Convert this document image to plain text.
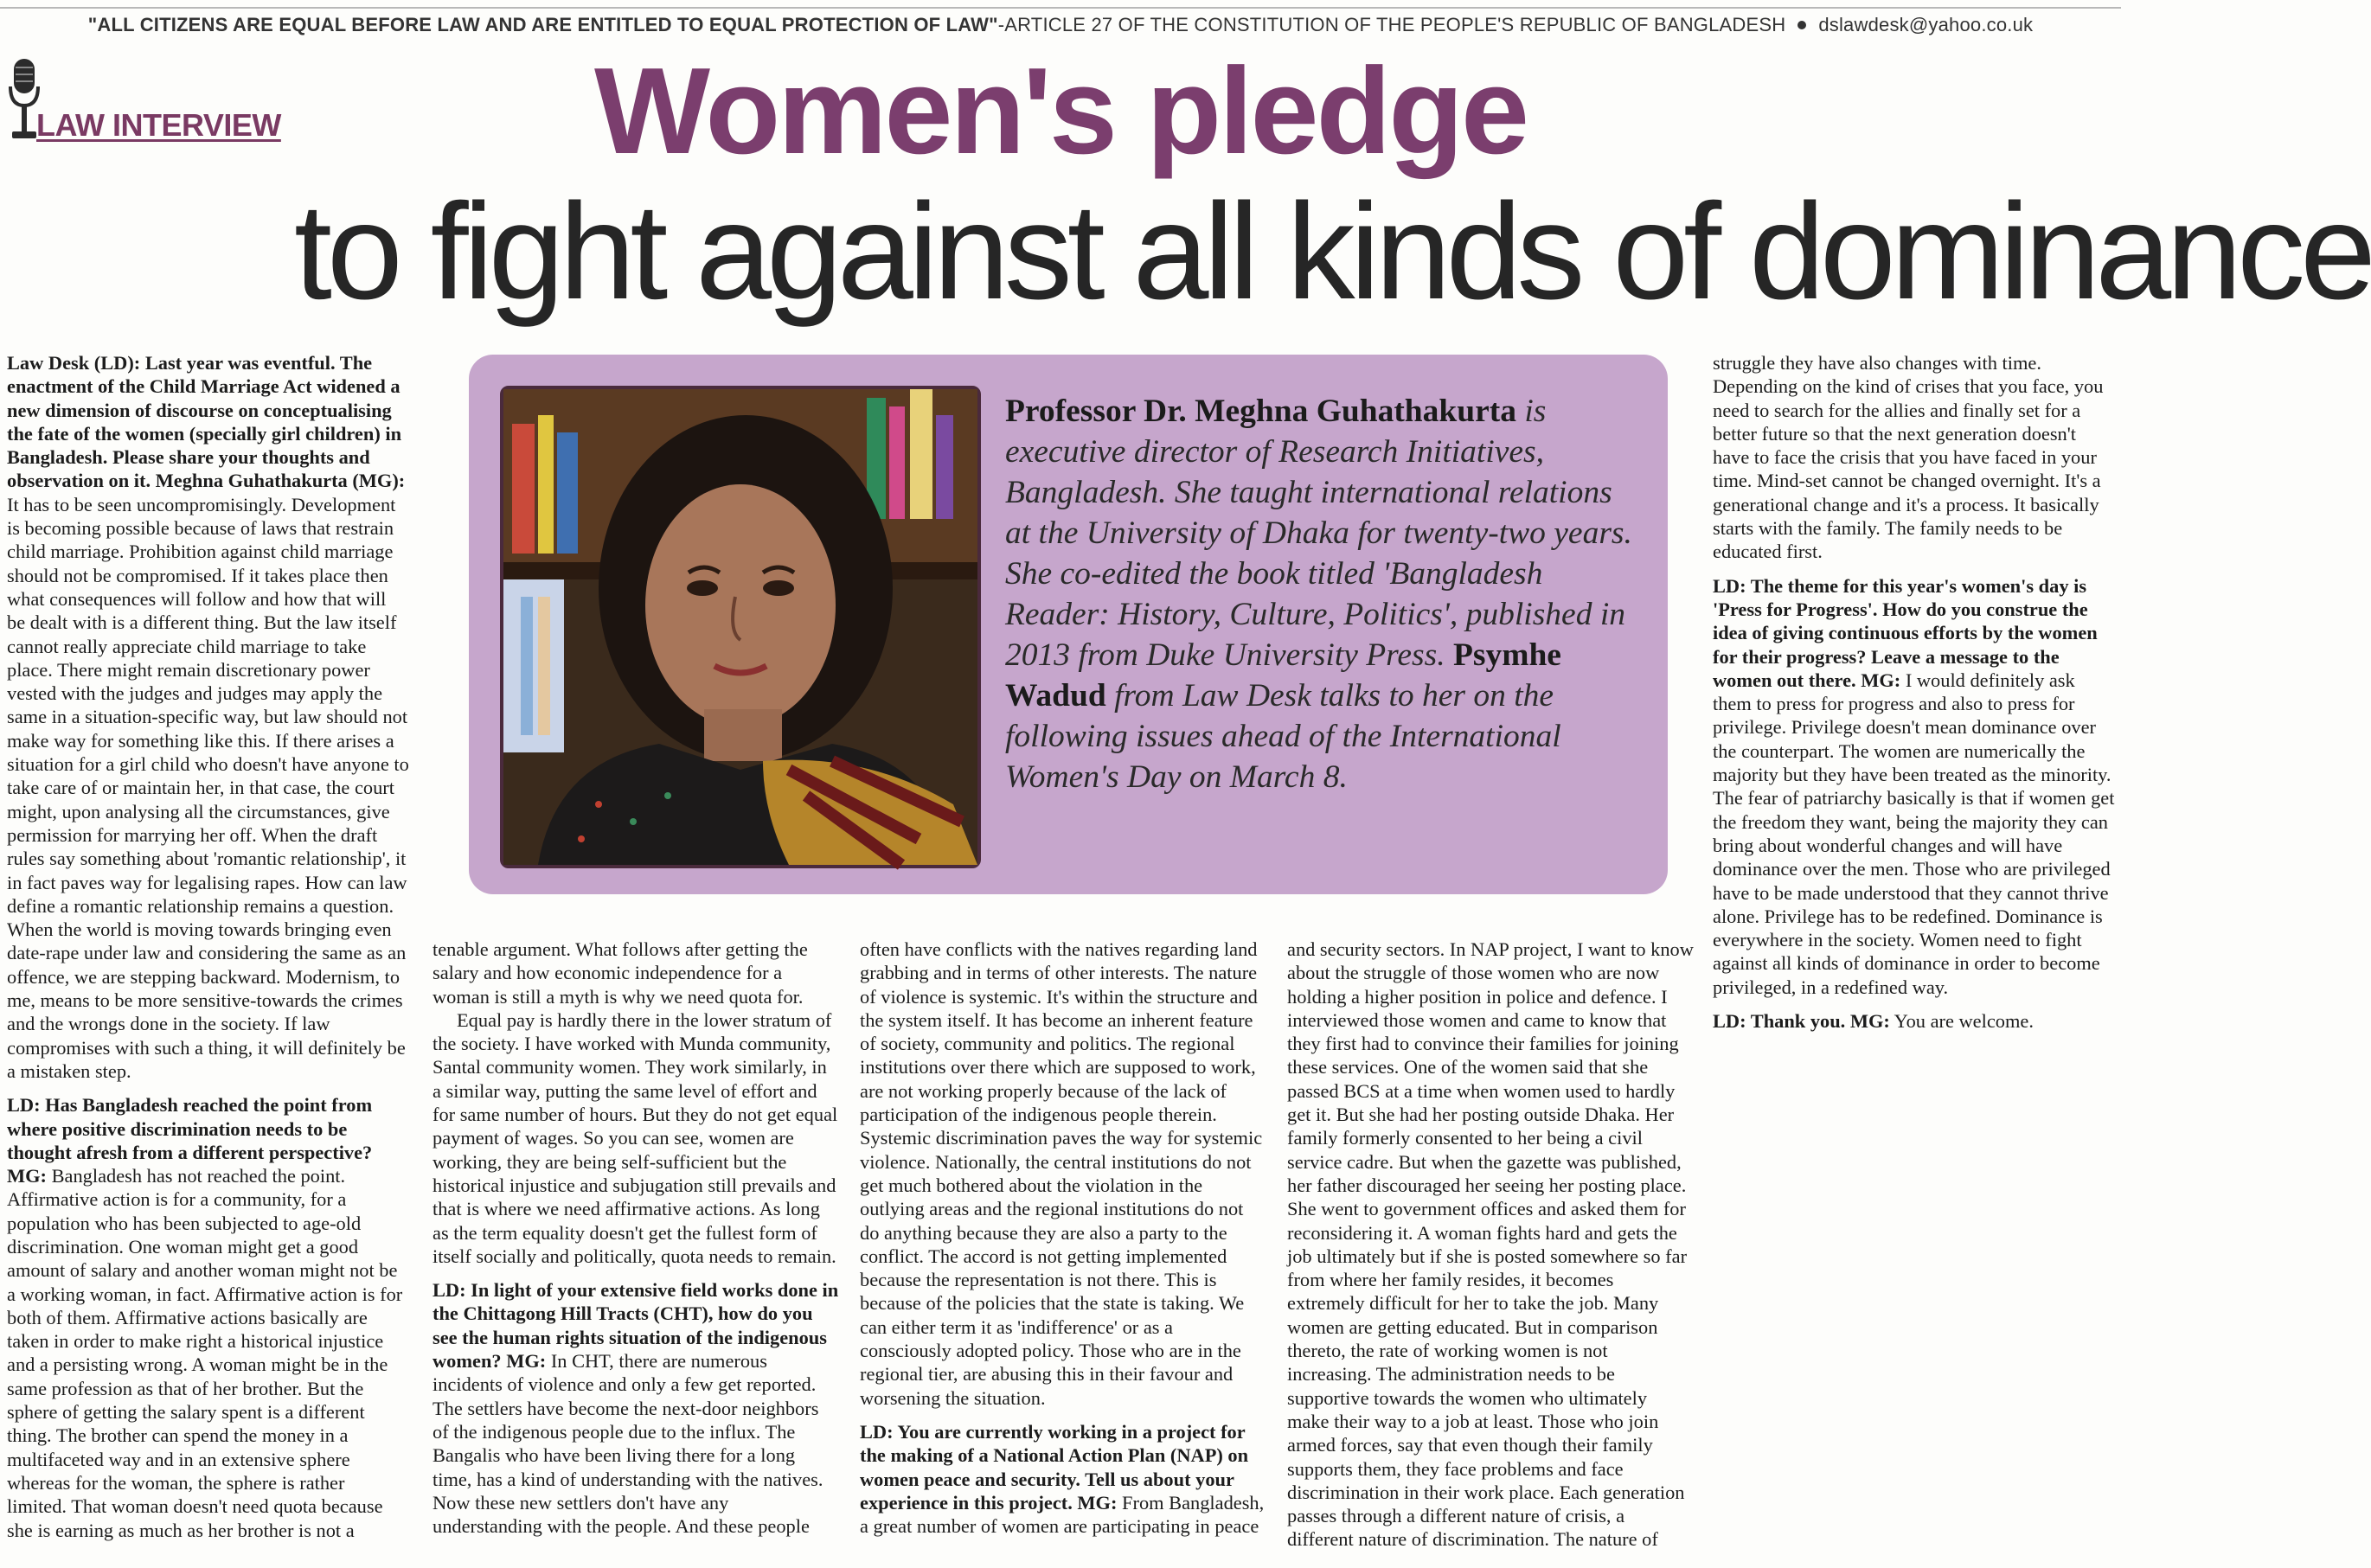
"ALL CITIZENS ARE EQUAL BEFORE LAW AND ARE ENTITLED TO EQUAL PROTECTION OF LAW"-ARTICLE 27 OF THE CONSTITUTION OF THE PEOPLE'S REPUBLIC OF BANGLADESH dslawdesk@yahoo.co.uk
LAW INTERVIEW	Women's pledge
to fight against all kinds of dominance

Law Desk (LD): Last year was eventful. The enactment of the Child Marriage Act widened a new dimension of discourse on conceptualising the fate of the women (specially girl children) in Bangladesh. Please share your thoughts and observation on it. Meghna Guhathakurta (MG): It has to be seen uncompromisingly. Development is becoming possible because of laws that restrain child marriage. Prohibition against child marriage should not be compromised. If it takes place then what consequences will follow and how that will be dealt with is a different thing. But the law itself cannot really appreciate child marriage to take place. There might remain discretionary power vested with the judges and judges may apply the same in a situation-specific way, but law should not make way for something like this. If there arises a situation for a girl child who doesn't have anyone to take care of or maintain her, in that case, the court might, upon analysing all the circumstances, give permission for marrying her off. When the draft rules say something about 'romantic relationship', it in fact paves way for legalising rapes. How can law define a romantic relationship remains a question. When the world is moving towards bringing even date-rape under law and considering the same as an offence, we are stepping backward. Modernism, to me, means to be more sensitive-towards the crimes and the wrongs done in the society. If law compromises with such a thing, it will definitely be a mistaken step.

LD: Has Bangladesh reached the point from where positive discrimination needs to be thought afresh from a different perspective? MG: Bangladesh has not reached the point. Affirmative action is for a community, for a population who has been subjected to age-old discrimination. One woman might get a good amount of salary and another woman might not be a working woman, in fact. Affirmative action is for both of them. Affirmative actions basically are taken in order to make right a historical injustice and a persisting wrong. A woman might be in the same profession as that of her brother. But the sphere of getting the salary spent is a different thing. The brother can spend the money in a multifaceted way and in an extensive sphere whereas for the woman, the sphere is rather limited. That woman doesn't need quota because she is earning as much as her brother is not a

tenable argument. What follows after getting the salary and how economic independence for a woman is still a myth is why we need quota for.

Equal pay is hardly there in the lower stratum of the society. I have worked with Munda community, Santal community women. They work similarly, in a similar way, putting the same level of effort and for same number of hours. But they do not get equal payment of wages. So you can see, women are working, they are being self-sufficient but the historical injustice and subjugation still prevails and that is where we need affirmative actions. As long as the term equality doesn't get the fullest form of itself socially and politically, quota needs to remain.

LD: In light of your extensive field works done in the Chittagong Hill Tracts (CHT), how do you see the human rights situation of the indigenous women? MG: In CHT, there are numerous incidents of violence and only a few get reported. The settlers have become the next-door neighbors of the indigenous people due to the influx. The Bangalis who have been living there for a long time, has a kind of understanding with the natives. Now these new settlers don't have any understanding with the people. And these people

often have conflicts with the natives regarding land grabbing and in terms of other interests. The nature of violence is systemic. It's within the structure and the system itself. It has become an inherent feature of society, community and politics. The regional institutions over there which are supposed to work, are not working properly because of the lack of participation of the indigenous people therein. Systemic discrimination paves the way for systemic violence. Nationally, the central institutions do not get much bothered about the violation in the outlying areas and the regional institutions do not do anything because they are also a party to the conflict. The accord is not getting implemented because the representation is not there. This is because of the policies that the state is taking. We can either term it as 'indifference' or as a consciously adopted policy. Those who are in the regional tier, are abusing this in their favour and worsening the situation.

LD: You are currently working in a project for the making of a National Action Plan (NAP) on women peace and security. Tell us about your experience in this project. MG: From Bangladesh, a great number of women are participating in peace

and security sectors. In NAP project, I want to know about the struggle of those women who are now holding a higher position in police and defence. I interviewed those women and came to know that they first had to convince their families for joining these services. One of the women said that she passed BCS at a time when women used to hardly get it. But she had her posting outside Dhaka. Her family formerly consented to her being a civil service cadre. But when the gazette was published, her father discouraged her seeing her posting place. She went to government offices and asked them for reconsidering it. A woman fights hard and gets the job ultimately but if she is posted somewhere so far from where her family resides, it becomes extremely difficult for her to take the job. Many women are getting educated. But in comparison thereto, the rate of working women is not increasing. The administration needs to be supportive towards the women who ultimately make their way to a job at least. Those who join armed forces, say that even though their family supports them, they face problems and face discrimination in their work place. Each generation passes through a different nature of crisis, a different nature of discrimination. The nature of

struggle they have also changes with time. Depending on the kind of crises that you face, you need to search for the allies and finally set for a better future so that the next generation doesn't have to face the crisis that you have faced in your time. Mind-set cannot be changed overnight. It's a generational change and it's a process. It basically starts with the family. The family needs to be educated first.

LD: The theme for this year's women's day is 'Press for Progress'. How do you construe the idea of giving continuous efforts by the women for their progress? Leave a message to the women out there. MG: I would definitely ask them to press for progress and also to press for privilege. Privilege doesn't mean dominance over the counterpart. The women are numerically the majority but they have been treated as the minority. The fear of patriarchy basically is that if women get the freedom they want, being the majority they can bring about wonderful changes and will have dominance over the men. Those who are privileged have to be made understood that they cannot thrive alone. Privilege has to be redefined. Dominance is everywhere in the society. Women need to fight against all kinds of dominance in order to become privileged, in a redefined way.

LD: Thank you. MG: You are welcome.

Professor Dr. Meghna Guhathakurta is executive director of Research Initiatives, Bangladesh. She taught international relations at the University of Dhaka for twenty-two years. She co-edited the book titled 'Bangladesh Reader: History, Culture, Politics', published in 2013 from Duke University Press. Psymhe Wadud from Law Desk talks to her on the following issues ahead of the International Women's Day on March 8.
